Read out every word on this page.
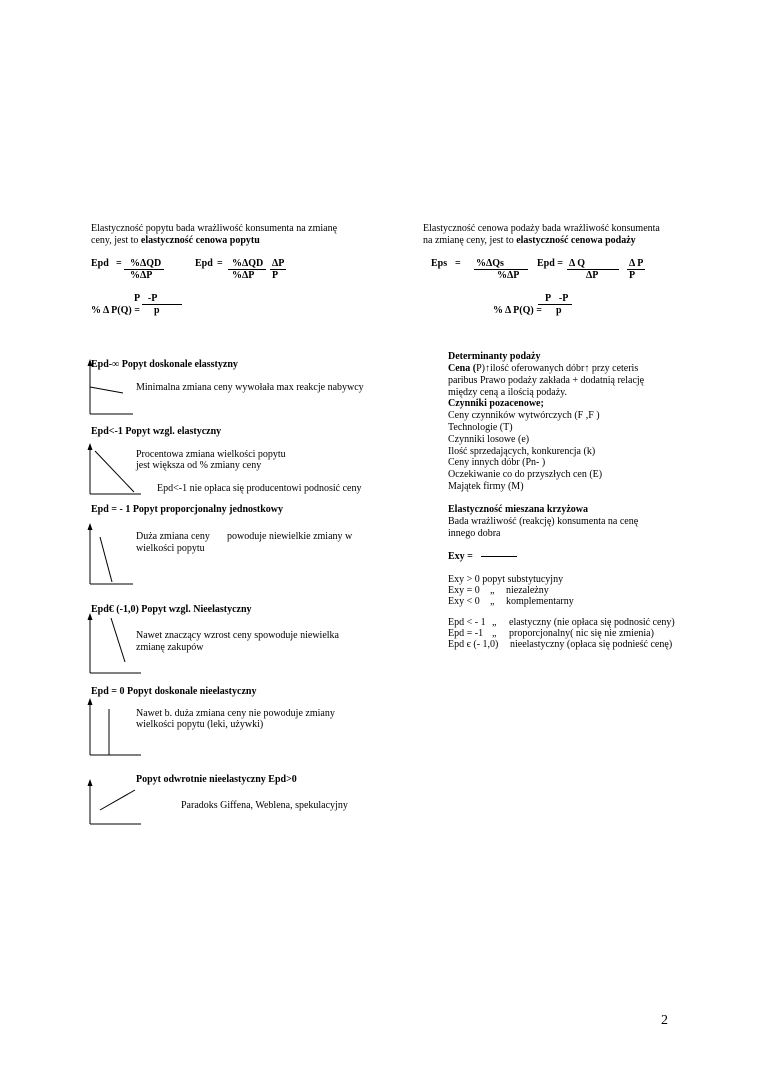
Elastyczność popytu bada wrażliwość konsumenta na zmianę
ceny, jest to elastyczność cenowa popytu
Epd = %ΔQD
%ΔP
Epd = %ΔQD ΔP
%ΔP P
P -P
% Δ P(Q) = p
Epd-∞ Popyt doskonale elasstyzny
Minimalna zmiana ceny wywołała max reakcje nabywcy
Epd<-1 Popyt wzgl. elastyczny
Procentowa zmiana wielkości popytu
jest większa od % zmiany ceny
Epd<-1 nie opłaca się producentowi podnosić ceny
Epd = - 1 Popyt proporcjonalny jednostkowy
Duża zmiana ceny powoduje niewielkie zmiany w
wielkości popytu
Epd€ (-1,0) Popyt wzgl. Nieelastyczny
Nawet znaczący wzrost ceny spowoduje niewielka
zmianę zakupów
Epd = 0 Popyt doskonale nieelastyczny
Nawet b. duża zmiana ceny nie powoduje zmiany
wielkości popytu (leki, używki)
Popyt odwrotnie nieelastyczny Epd>0
Paradoks Giffena, Weblena, spekulacyjny
Elastyczność cenowa podaży bada wrażliwość konsumenta
na zmianę ceny, jest to elastyczność cenowa podaży
Eps = %ΔQs
%ΔP
Epd = Δ Q	Δ P
ΔP	P
P -P
% Δ P(Q) = p
Determinanty podaży
Cena (P)↑ilość oferowanych dóbr↑ przy ceteris
paribus Prawo podaży zakłada + dodatnią relację
między ceną a ilością podaży.
Czynniki pozacenowe;
Ceny czynników wytwórczych (F ,F )
Technologie (T)
Czynniki losowe (e)
Ilość sprzedających, konkurencja (k)
Ceny innych dóbr (Pn- )
Oczekiwanie co do przyszłych cen (E)
Majątek firmy (M)
Elastyczność mieszana krzyżowa
Bada wrażliwość (reakcję) konsumenta na cenę
innego dobra
Exy =
Exy > 0 popyt substytucyjny
Exy = 0 „ niezależny
Exy < 0 „ komplementarny
Epd < - 1 „ elastyczny (nie opłaca się podnosić ceny)
Epd = -1 „ proporcjonalny( nic się nie zmienia)
Epd є (- 1,0) nieelastyczny (opłaca się podnieść cenę)
2
